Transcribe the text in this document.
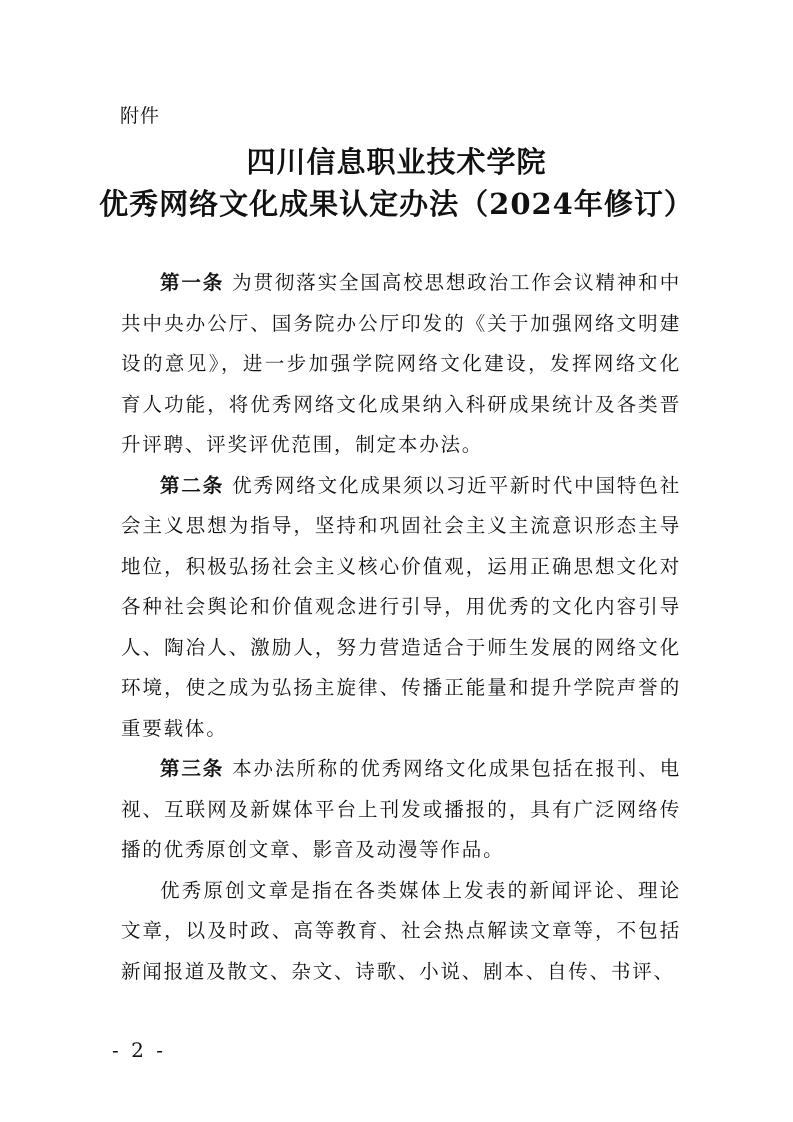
附件
四川信息职业技术学院
优秀网络文化成果认定办法（2024年修订）

第一条 为贯彻落实全国高校思想政治工作会议精神和中共中央办公厅、国务院办公厅印发的《关于加强网络文明建设的意见》，进一步加强学院网络文化建设，发挥网络文化育人功能，将优秀网络文化成果纳入科研成果统计及各类晋升评聘、评奖评优范围，制定本办法。

第二条 优秀网络文化成果须以习近平新时代中国特色社会主义思想为指导，坚持和巩固社会主义主流意识形态主导地位，积极弘扬社会主义核心价值观，运用正确思想文化对各种社会舆论和价值观念进行引导，用优秀的文化内容引导人、陶冶人、激励人，努力营造适合于师生发展的网络文化环境，使之成为弘扬主旋律、传播正能量和提升学院声誉的重要载体。

第三条 本办法所称的优秀网络文化成果包括在报刊、电视、互联网及新媒体平台上刊发或播报的，具有广泛网络传播的优秀原创文章、影音及动漫等作品。

优秀原创文章是指在各类媒体上发表的新闻评论、理论文章，以及时政、高等教育、社会热点解读文章等，不包括新闻报道及散文、杂文、诗歌、小说、剧本、自传、书评、

- 2 -
